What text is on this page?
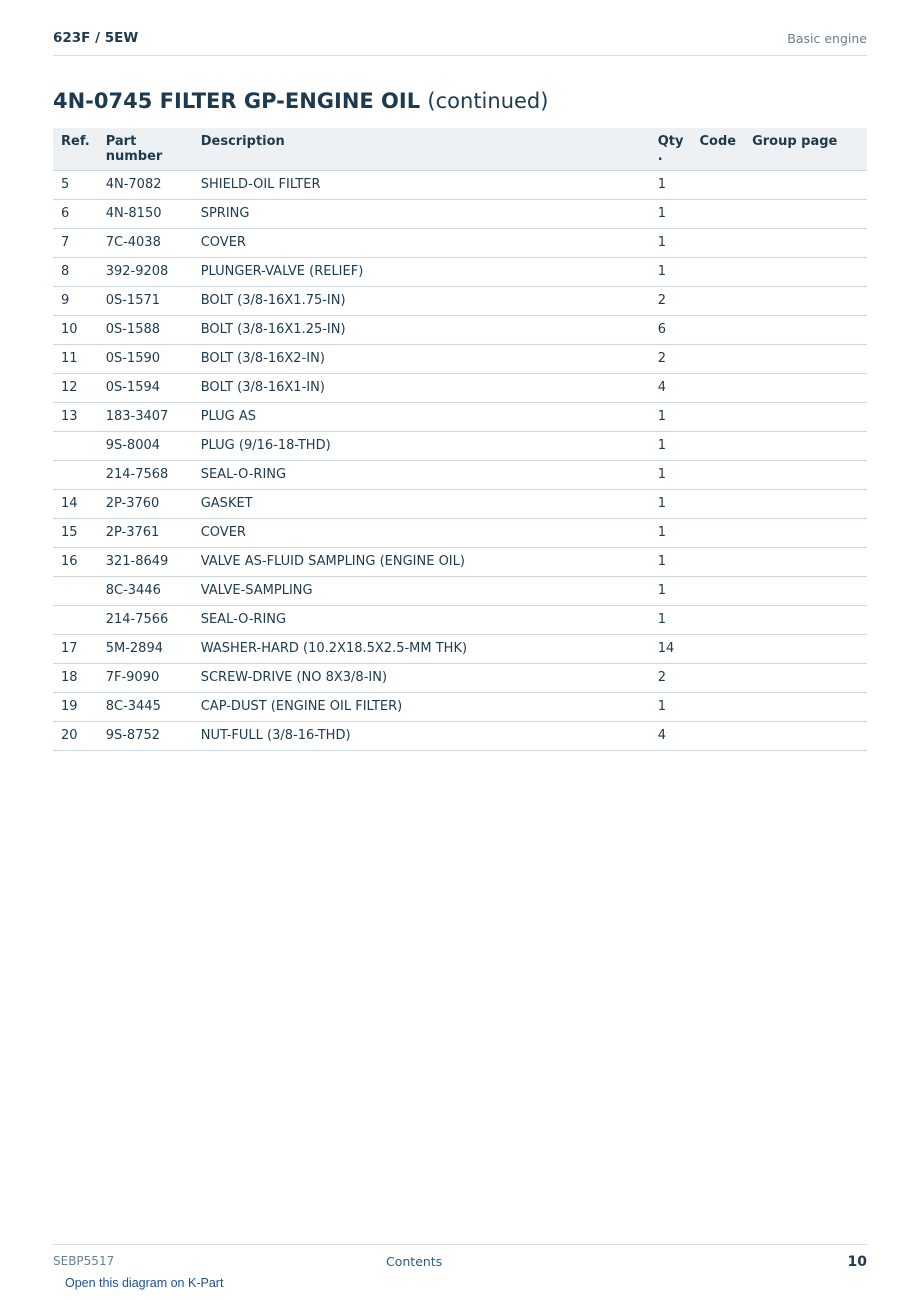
623F / 5EW	Basic engine
4N-0745 FILTER GP-ENGINE OIL (continued)
Ref.	Part number	Description	Qty .	Code	Group page
5	4N-7082	SHIELD-OIL FILTER	1		
6	4N-8150	SPRING	1		
7	7C-4038	COVER	1		
8	392-9208	PLUNGER-VALVE (RELIEF)	1		
9	0S-1571	BOLT (3/8-16X1.75-IN)	2		
10	0S-1588	BOLT (3/8-16X1.25-IN)	6		
11	0S-1590	BOLT (3/8-16X2-IN)	2		
12	0S-1594	BOLT (3/8-16X1-IN)	4		
13	183-3407	PLUG AS	1		
	9S-8004	PLUG (9/16-18-THD)	1		
	214-7568	SEAL-O-RING	1		
14	2P-3760	GASKET	1		
15	2P-3761	COVER	1		
16	321-8649	VALVE AS-FLUID SAMPLING (ENGINE OIL)	1		
	8C-3446	VALVE-SAMPLING	1		
	214-7566	SEAL-O-RING	1		
17	5M-2894	WASHER-HARD (10.2X18.5X2.5-MM THK)	14		
18	7F-9090	SCREW-DRIVE (NO 8X3/8-IN)	2		
19	8C-3445	CAP-DUST (ENGINE OIL FILTER)	1		
20	9S-8752	NUT-FULL (3/8-16-THD)	4		
SEBP5517	Contents	10
Open this diagram on K-Part
